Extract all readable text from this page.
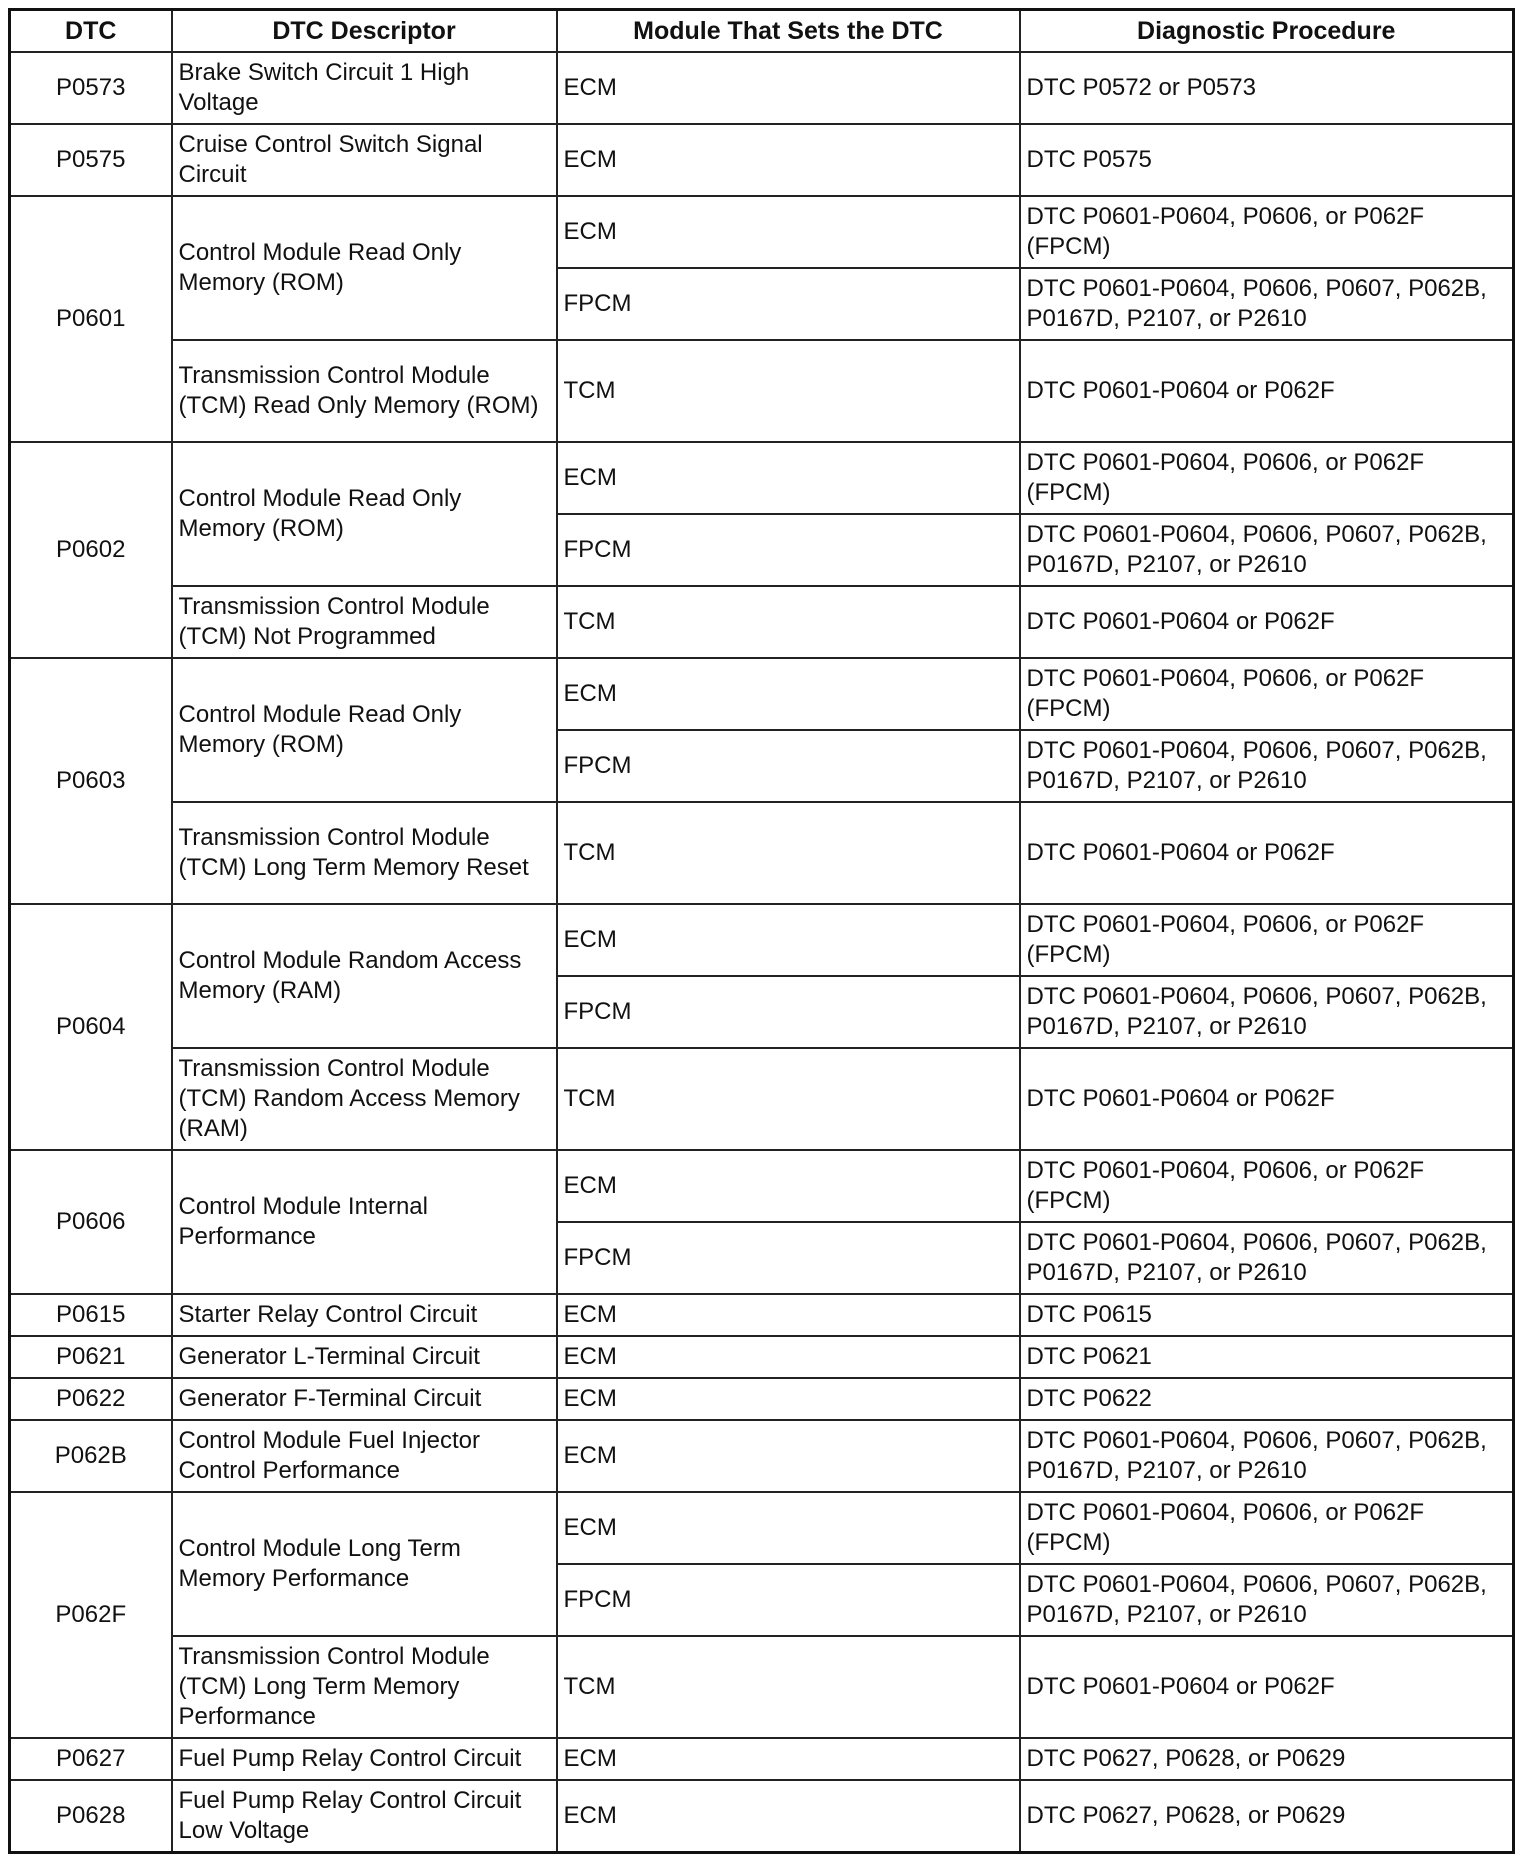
DTC	DTC Descriptor	Module That Sets the DTC	Diagnostic Procedure
P0573	Brake Switch Circuit 1 High Voltage	ECM	DTC P0572 or P0573
P0575	Cruise Control Switch Signal Circuit	ECM	DTC P0575
P0601	Control Module Read Only Memory (ROM)	ECM	DTC P0601-P0604, P0606, or P062F (FPCM)
		FPCM	DTC P0601-P0604, P0606, P0607, P062B, P0167D, P2107, or P2610
	Transmission Control Module (TCM) Read Only Memory (ROM)	TCM	DTC P0601-P0604 or P062F
P0602	Control Module Read Only Memory (ROM)	ECM	DTC P0601-P0604, P0606, or P062F (FPCM)
		FPCM	DTC P0601-P0604, P0606, P0607, P062B, P0167D, P2107, or P2610
	Transmission Control Module (TCM) Not Programmed	TCM	DTC P0601-P0604 or P062F
P0603	Control Module Read Only Memory (ROM)	ECM	DTC P0601-P0604, P0606, or P062F (FPCM)
		FPCM	DTC P0601-P0604, P0606, P0607, P062B, P0167D, P2107, or P2610
	Transmission Control Module (TCM) Long Term Memory Reset	TCM	DTC P0601-P0604 or P062F
P0604	Control Module Random Access Memory (RAM)	ECM	DTC P0601-P0604, P0606, or P062F (FPCM)
		FPCM	DTC P0601-P0604, P0606, P0607, P062B, P0167D, P2107, or P2610
	Transmission Control Module (TCM) Random Access Memory (RAM)	TCM	DTC P0601-P0604 or P062F
P0606	Control Module Internal Performance	ECM	DTC P0601-P0604, P0606, or P062F (FPCM)
		FPCM	DTC P0601-P0604, P0606, P0607, P062B, P0167D, P2107, or P2610
P0615	Starter Relay Control Circuit	ECM	DTC P0615
P0621	Generator L-Terminal Circuit	ECM	DTC P0621
P0622	Generator F-Terminal Circuit	ECM	DTC P0622
P062B	Control Module Fuel Injector Control Performance	ECM	DTC P0601-P0604, P0606, P0607, P062B, P0167D, P2107, or P2610
P062F	Control Module Long Term Memory Performance	ECM	DTC P0601-P0604, P0606, or P062F (FPCM)
		FPCM	DTC P0601-P0604, P0606, P0607, P062B, P0167D, P2107, or P2610
	Transmission Control Module (TCM) Long Term Memory Performance	TCM	DTC P0601-P0604 or P062F
P0627	Fuel Pump Relay Control Circuit	ECM	DTC P0627, P0628, or P0629
P0628	Fuel Pump Relay Control Circuit Low Voltage	ECM	DTC P0627, P0628, or P0629
